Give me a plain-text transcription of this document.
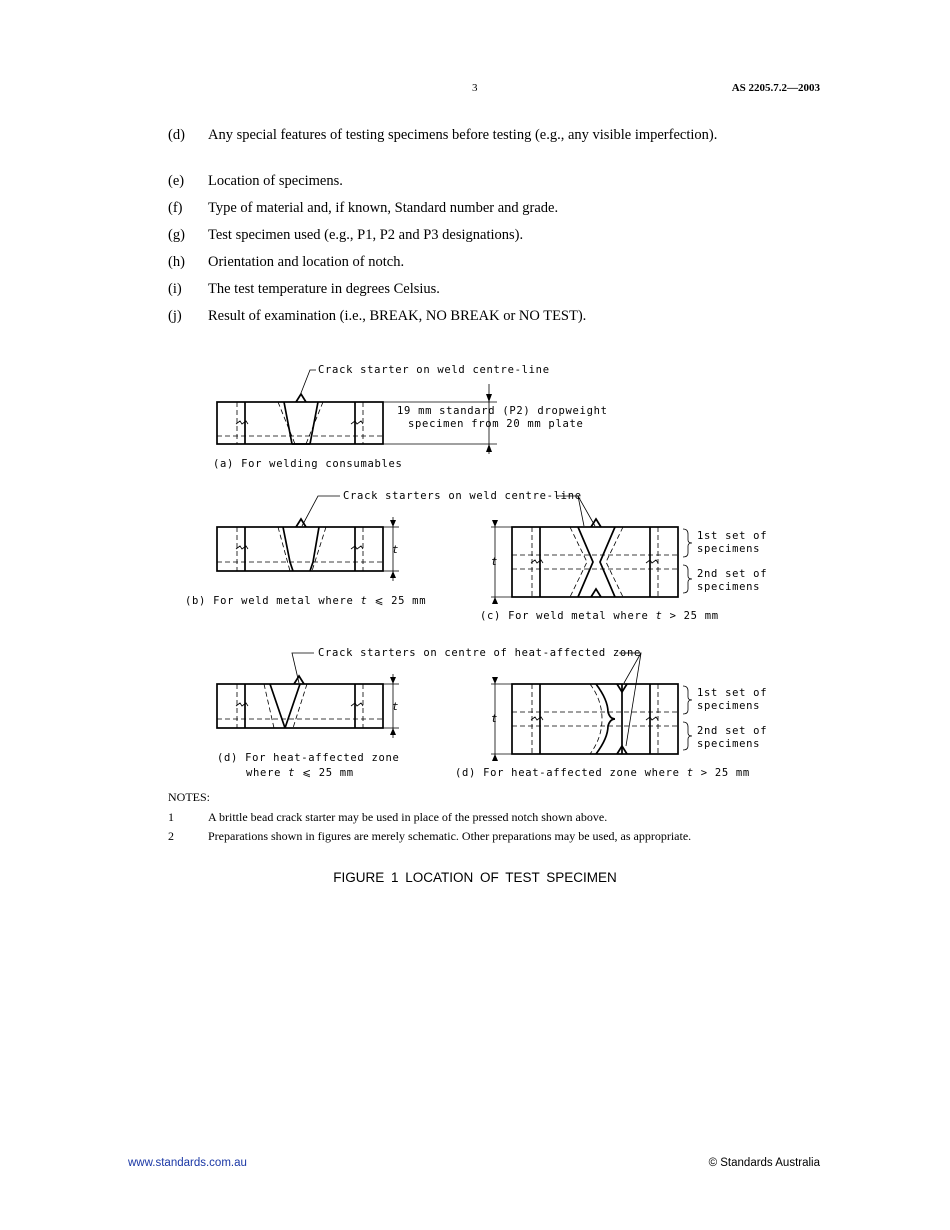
3	AS 2205.7.2—2003
(d) Any special features of testing specimens before testing (e.g., any visible imperfection).
(e) Location of specimens.
(f) Type of material and, if known, Standard number and grade.
(g) Test specimen used (e.g., P1, P2 and P3 designations).
(h) Orientation and location of notch.
(i) The test temperature in degrees Celsius.
(j) Result of examination (i.e., BREAK, NO BREAK or NO TEST).
Crack starter on weld centre-line
19 mm standard (P2) dropweight
specimen from 20 mm plate
(a) For welding consumables
Crack starters on weld centre-line
t
(b) For weld metal where t ⩽ 25 mm
t
1st set of
specimens
2nd set of
specimens
(c) For weld metal where t > 25 mm
Crack starters on centre of heat-affected zone
t
(d) For heat-affected zone
where t ⩽ 25 mm
t
1st set of
specimens
2nd set of
specimens
(d) For heat-affected zone where t > 25 mm
NOTES:
1	A brittle bead crack starter may be used in place of the pressed notch shown above.
2	Preparations shown in figures are merely schematic. Other preparations may be used, as appropriate.
FIGURE 1 LOCATION OF TEST SPECIMEN
www.standards.com.au	© Standards Australia
